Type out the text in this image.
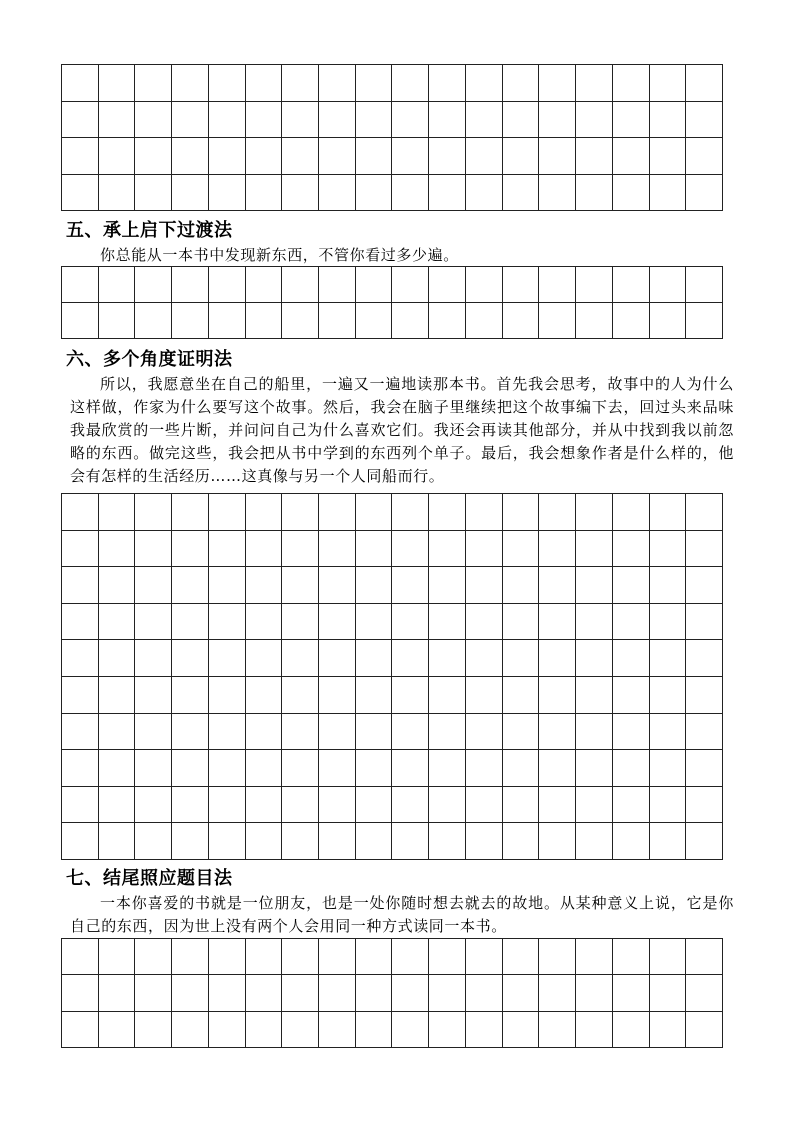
五、承上启下过渡法
你总能从一本书中发现新东西，不管你看过多少遍。
六、多个角度证明法
所以，我愿意坐在自己的船里，一遍又一遍地读那本书。首先我会思考，故事中的人为什么这样做，作家为什么要写这个故事。然后，我会在脑子里继续把这个故事编下去，回过头来品味我最欣赏的一些片断，并问问自己为什么喜欢它们。我还会再读其他部分，并从中找到我以前忽略的东西。做完这些，我会把从书中学到的东西列个单子。最后，我会想象作者是什么样的，他会有怎样的生活经历……这真像与另一个人同船而行。
七、结尾照应题目法
一本你喜爱的书就是一位朋友，也是一处你随时想去就去的故地。从某种意义上说，它是你自己的东西，因为世上没有两个人会用同一种方式读同一本书。
